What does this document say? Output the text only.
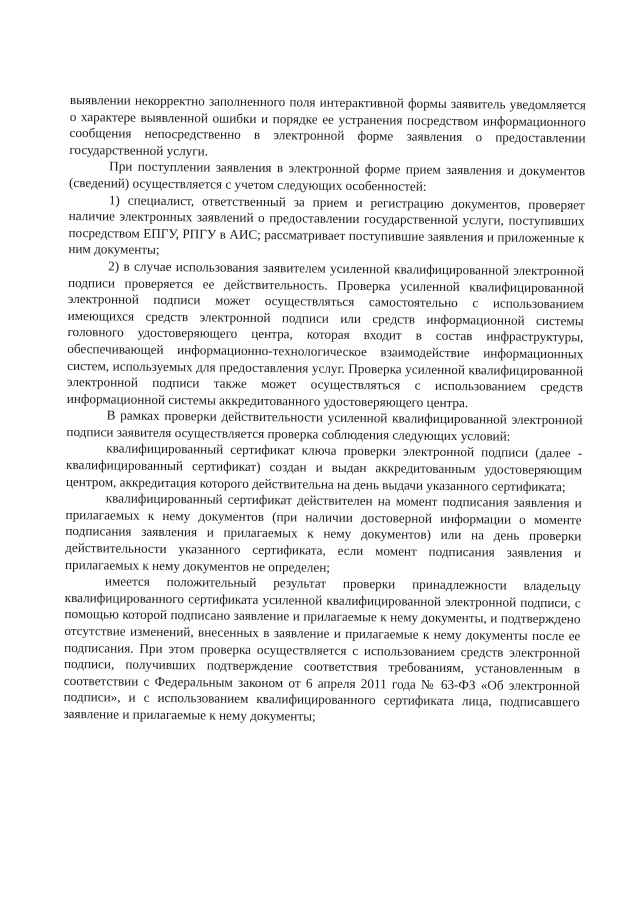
выявлении некорректно заполненного поля интерактивной формы заявитель уведомляется о характере выявленной ошибки и порядке ее устранения посредством информационного сообщения непосредственно в электронной форме заявления о предоставлении государственной услуги.

При поступлении заявления в электронной форме прием заявления и документов (сведений) осуществляется с учетом следующих особенностей:

1) специалист, ответственный за прием и регистрацию документов, проверяет наличие электронных заявлений о предоставлении государственной услуги, поступивших посредством ЕПГУ, РПГУ в АИС; рассматривает поступившие заявления и приложенные к ним документы;

2) в случае использования заявителем усиленной квалифицированной электронной подписи проверяется ее действительность. Проверка усиленной квалифицированной электронной подписи может осуществляться самостоятельно с использованием имеющихся средств электронной подписи или средств информационной системы головного удостоверяющего центра, которая входит в состав инфраструктуры, обеспечивающей информационно-технологическое взаимодействие информационных систем, используемых для предоставления услуг. Проверка усиленной квалифицированной электронной подписи также может осуществляться с использованием средств информационной системы аккредитованного удостоверяющего центра.

В рамках проверки действительности усиленной квалифицированной электронной подписи заявителя осуществляется проверка соблюдения следующих условий:

квалифицированный сертификат ключа проверки электронной подписи (далее - квалифицированный сертификат) создан и выдан аккредитованным удостоверяющим центром, аккредитация которого действительна на день выдачи указанного сертификата;

квалифицированный сертификат действителен на момент подписания заявления и прилагаемых к нему документов (при наличии достоверной информации о моменте подписания заявления и прилагаемых к нему документов) или на день проверки действительности указанного сертификата, если момент подписания заявления и прилагаемых к нему документов не определен;

имеется положительный результат проверки принадлежности владельцу квалифицированного сертификата усиленной квалифицированной электронной подписи, с помощью которой подписано заявление и прилагаемые к нему документы, и подтверждено отсутствие изменений, внесенных в заявление и прилагаемые к нему документы после ее подписания. При этом проверка осуществляется с использованием средств электронной подписи, получивших подтверждение соответствия требованиям, установленным в соответствии с Федеральным законом от 6 апреля 2011 года № 63-ФЗ «Об электронной подписи», и с использованием квалифицированного сертификата лица, подписавшего заявление и прилагаемые к нему документы;
